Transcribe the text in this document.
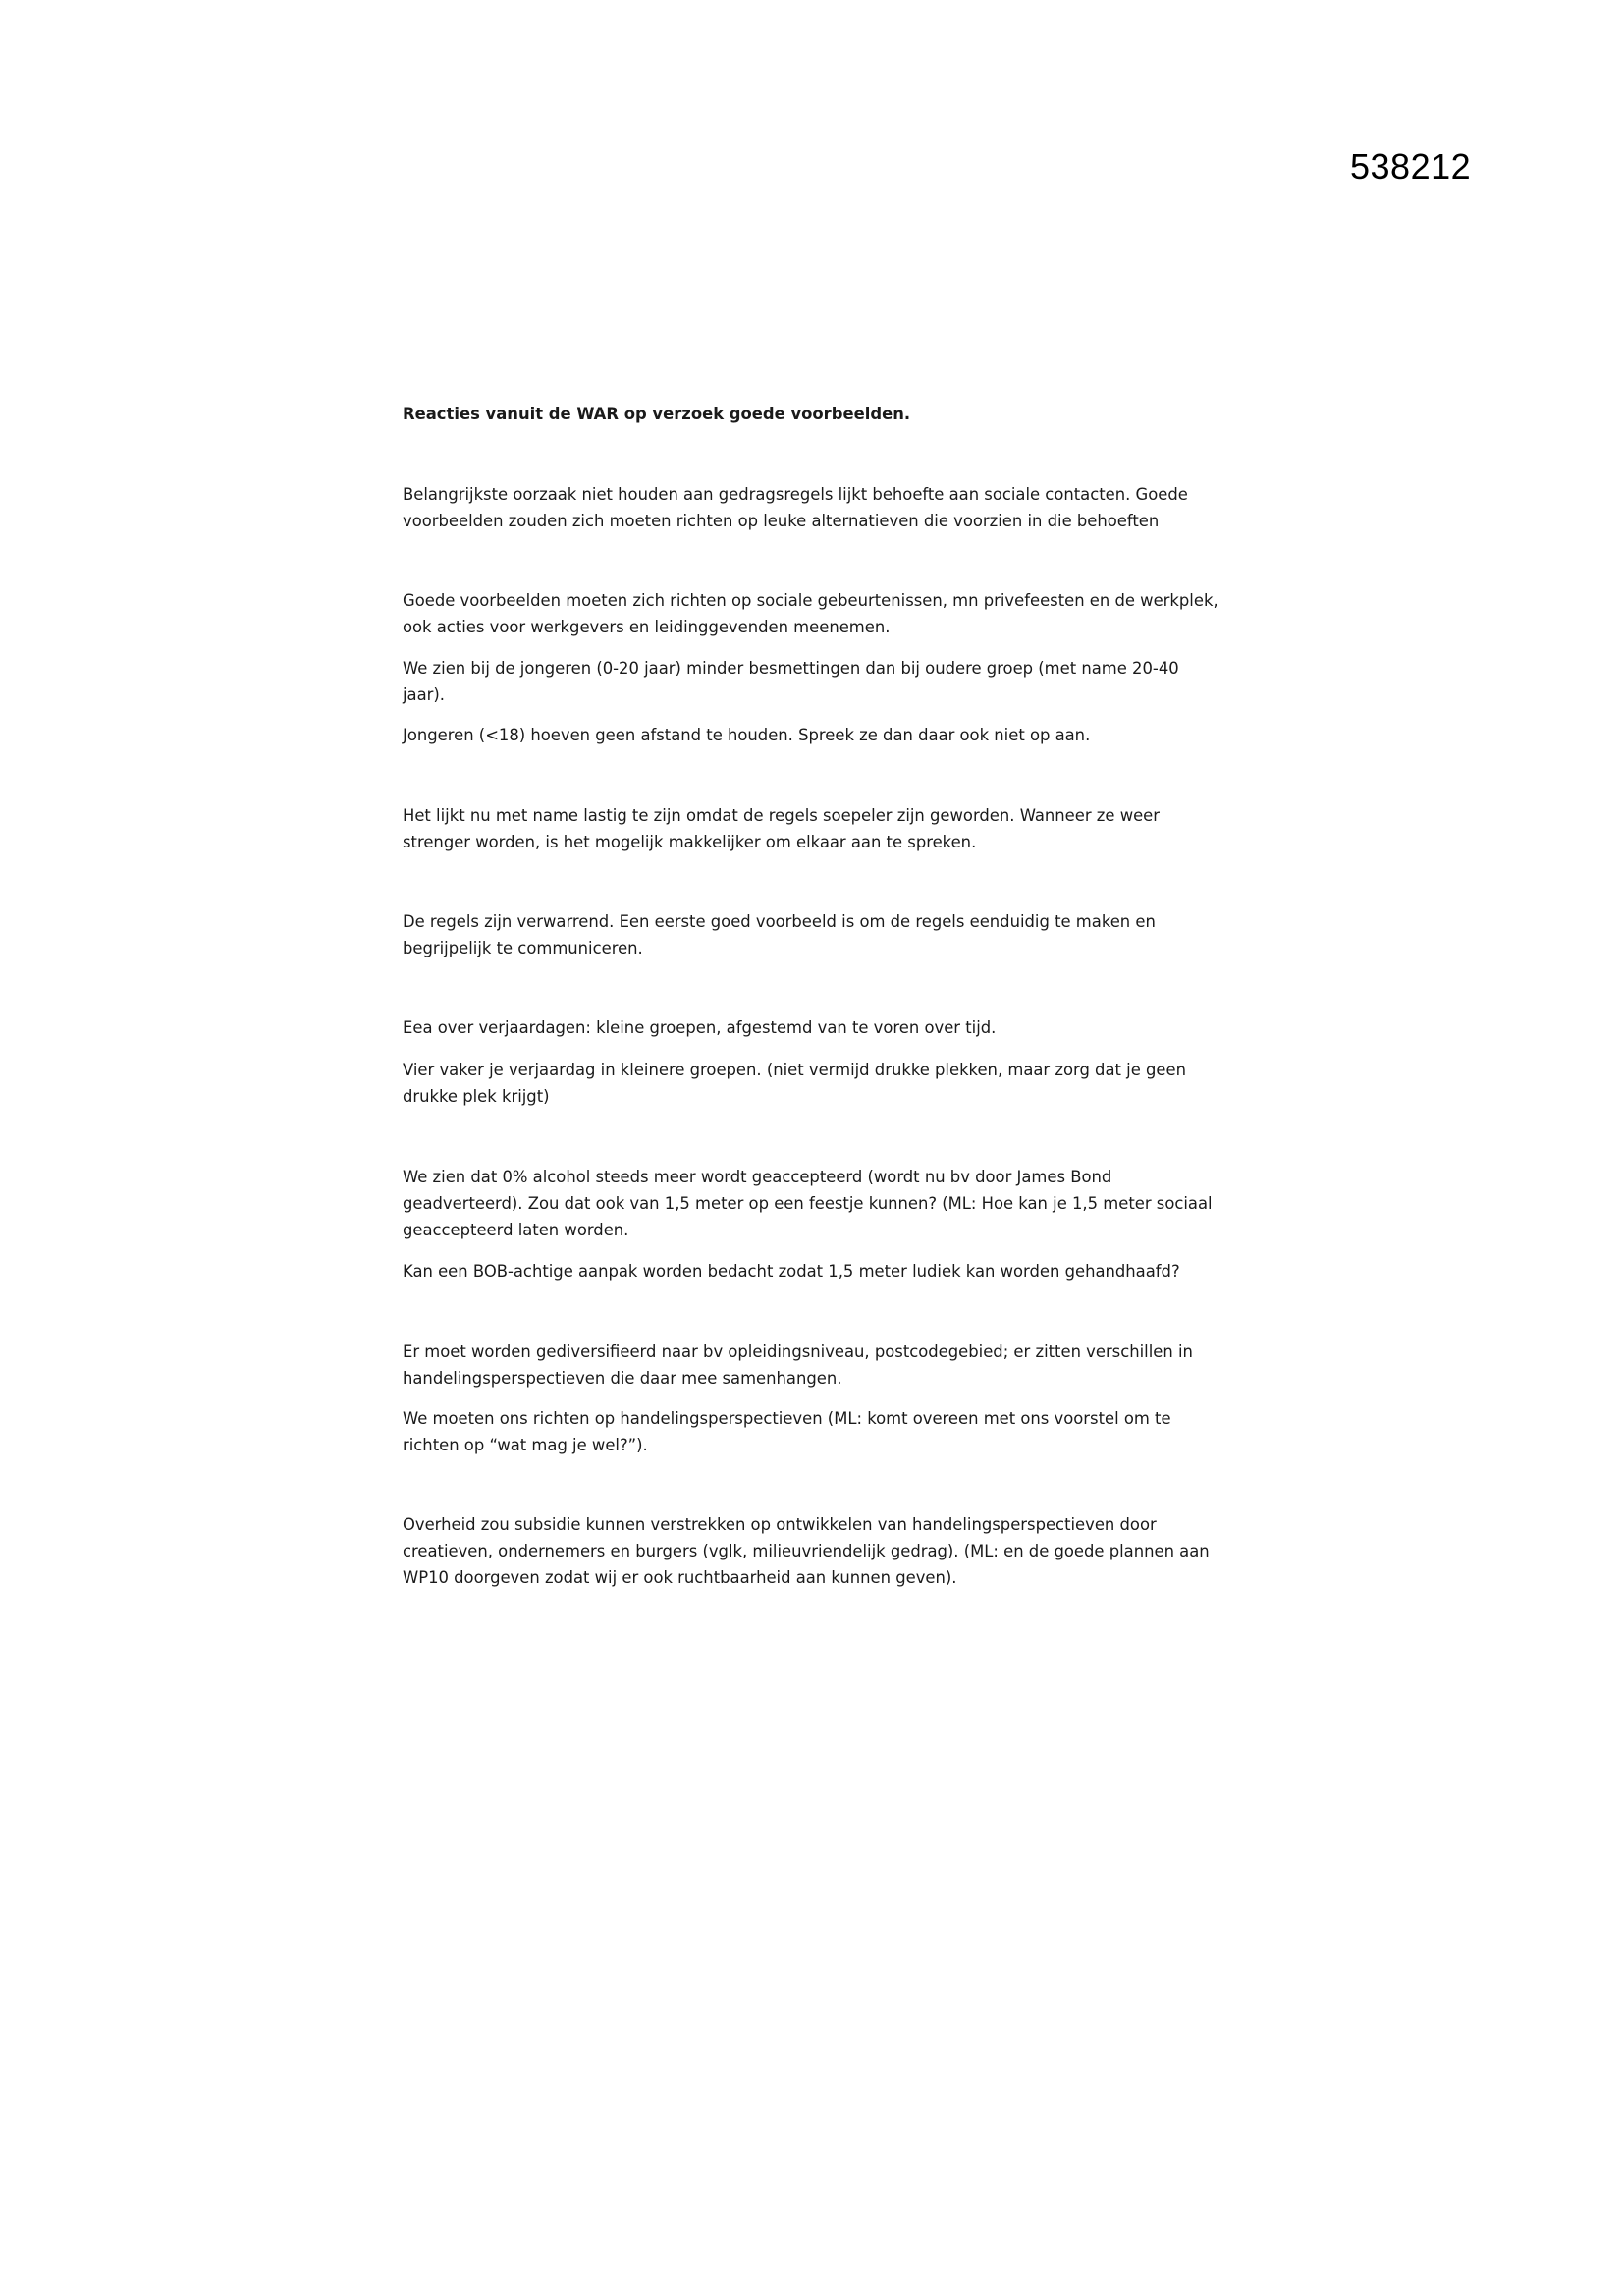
538212
Reacties vanuit de WAR op verzoek goede voorbeelden.
Belangrijkste oorzaak niet houden aan gedragsregels lijkt behoefte aan sociale contacten. Goede
voorbeelden zouden zich moeten richten op leuke alternatieven die voorzien in die behoeften
Goede voorbeelden moeten zich richten op sociale gebeurtenissen, mn privefeesten en de werkplek,
ook acties voor werkgevers en leidinggevenden meenemen.
We zien bij de jongeren (0-20 jaar) minder besmettingen dan bij oudere groep (met name 20-40
jaar).
Jongeren (<18) hoeven geen afstand te houden. Spreek ze dan daar ook niet op aan.
Het lijkt nu met name lastig te zijn omdat de regels soepeler zijn geworden. Wanneer ze weer
strenger worden, is het mogelijk makkelijker om elkaar aan te spreken.
De regels zijn verwarrend. Een eerste goed voorbeeld is om de regels eenduidig te maken en
begrijpelijk te communiceren.
Eea over verjaardagen: kleine groepen, afgestemd van te voren over tijd.
Vier vaker je verjaardag in kleinere groepen. (niet vermijd drukke plekken, maar zorg dat je geen
drukke plek krijgt)
We zien dat 0% alcohol steeds meer wordt geaccepteerd (wordt nu bv door James Bond
geadverteerd). Zou dat ook van 1,5 meter op een feestje kunnen? (ML: Hoe kan je 1,5 meter sociaal
geaccepteerd laten worden.
Kan een BOB-achtige aanpak worden bedacht zodat 1,5 meter ludiek kan worden gehandhaafd?
Er moet worden gediversifieerd naar bv opleidingsniveau, postcodegebied; er zitten verschillen in
handelingsperspectieven die daar mee samenhangen.
We moeten ons richten op handelingsperspectieven (ML: komt overeen met ons voorstel om te
richten op “wat mag je wel?”).
Overheid zou subsidie kunnen verstrekken op ontwikkelen van handelingsperspectieven door
creatieven, ondernemers en burgers (vglk, milieuvriendelijk gedrag). (ML: en de goede plannen aan
WP10 doorgeven zodat wij er ook ruchtbaarheid aan kunnen geven).
